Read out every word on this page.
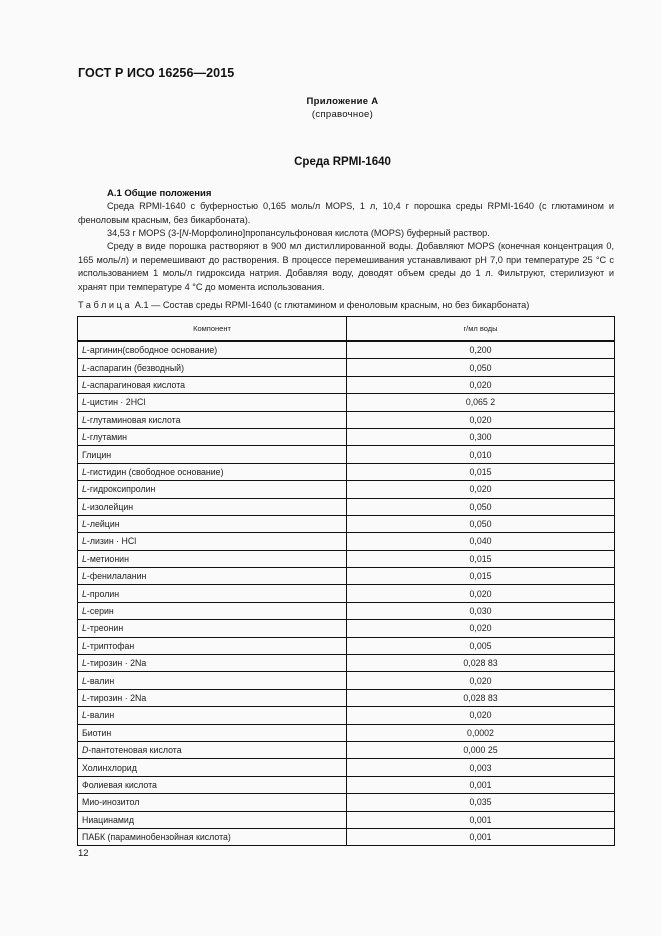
ГОСТ Р ИСО 16256—2015
Приложение А
(справочное)
Среда RPMI-1640
А.1 Общие положения
Среда RPMI-1640 с буферностью 0,165 моль/л MOPS, 1 л, 10,4 г порошка среды RPMI-1640 (с глютамином и феноловым красным, без бикарбоната).
34,53 г MOPS (3-[N-Морфолино]пропансульфоновая кислота (MOPS) буферный раствор.
Среду в виде порошка растворяют в 900 мл дистиллированной воды. Добавляют MOPS (конечная концентрация 0, 165 моль/л) и перемешивают до растворения. В процессе перемешивания устанавливают рН 7,0 при температуре 25 °С с использованием 1 моль/л гидроксида натрия. Добавляя воду, доводят объем среды до 1 л. Фильтруют, стерилизуют и хранят при температуре 4 °С до момента использования.
Таблица А.1 — Состав среды RPMI-1640 (с глютамином и феноловым красным, но без бикарбоната)
Компонент	г/мл воды
L-аргинин(свободное основание)	0,200
L-аспарагин (безводный)	0,050
L-аспарагиновая кислота	0,020
L-цистин · 2HCl	0,065 2
L-глутаминовая кислота	0,020
L-глутамин	0,300
Глицин	0,010
L-гистидин (свободное основание)	0,015
L-гидроксипролин	0,020
L-изолейцин	0,050
L-лейцин	0,050
L-лизин · HCl	0,040
L-метионин	0,015
L-фенилаланин	0,015
L-пролин	0,020
L-серин	0,030
L-треонин	0,020
L-триптофан	0,005
L-тирозин · 2Na	0,028 83
L-валин	0,020
L-тирозин · 2Na	0,028 83
L-валин	0,020
Биотин	0,0002
D-пантотеновая кислота	0,000 25
Холинхлорид	0,003
Фолиевая кислота	0,001
Мио-инозитол	0,035
Ниацинамид	0,001
ПАБК (параминобензойная кислота)	0,001
12
